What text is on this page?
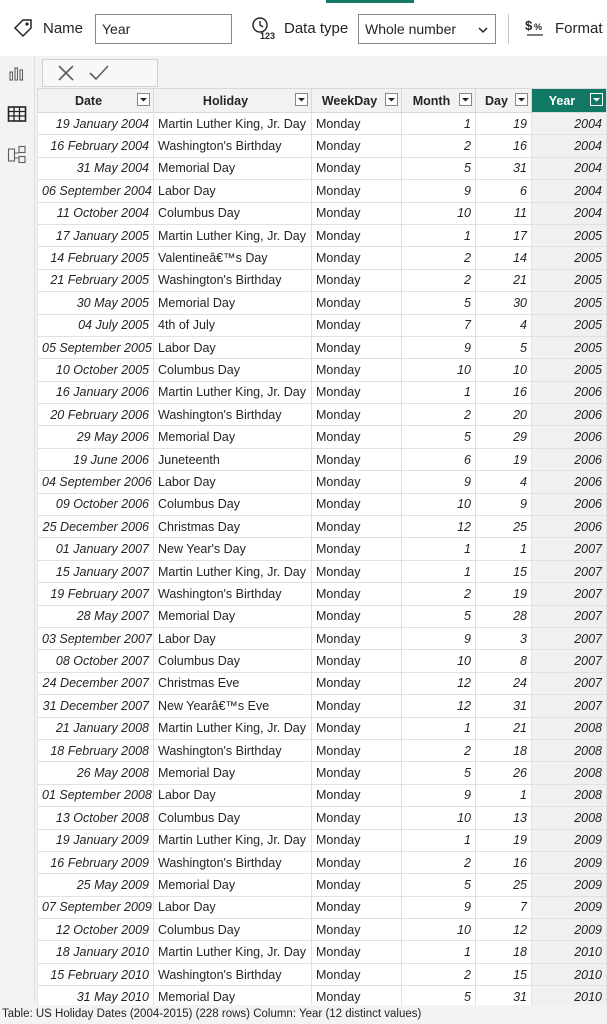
Name
Year	123 Data type Whole number	$ % Format
Date	Holiday	WeekDay	Month	Day	Year

19 January 2004	Martin Luther King, Jr. Day	Monday	1	19	2004
16 February 2004	Washington's Birthday	Monday	2	16	2004
31 May 2004	Memorial Day	Monday	5	31	2004
06 September 2004	Labor Day	Monday	9	6	2004
11 October 2004	Columbus Day	Monday	10	11	2004
17 January 2005	Martin Luther King, Jr. Day	Monday	1	17	2005
14 February 2005	Valentineâ€™s Day	Monday	2	14	2005
21 February 2005	Washington's Birthday	Monday	2	21	2005
30 May 2005	Memorial Day	Monday	5	30	2005
04 July 2005	4th of July	Monday	7	4	2005
05 September 2005	Labor Day	Monday	9	5	2005
10 October 2005	Columbus Day	Monday	10	10	2005
16 January 2006	Martin Luther King, Jr. Day	Monday	1	16	2006
20 February 2006	Washington's Birthday	Monday	2	20	2006
29 May 2006	Memorial Day	Monday	5	29	2006
19 June 2006	Juneteenth	Monday	6	19	2006
04 September 2006	Labor Day	Monday	9	4	2006
09 October 2006	Columbus Day	Monday	10	9	2006
25 December 2006	Christmas Day	Monday	12	25	2006
01 January 2007	New Year's Day	Monday	1	1	2007
15 January 2007	Martin Luther King, Jr. Day	Monday	1	15	2007
19 February 2007	Washington's Birthday	Monday	2	19	2007
28 May 2007	Memorial Day	Monday	5	28	2007
03 September 2007	Labor Day	Monday	9	3	2007
08 October 2007	Columbus Day	Monday	10	8	2007
24 December 2007	Christmas Eve	Monday	12	24	2007
31 December 2007	New Yearâ€™s Eve	Monday	12	31	2007
21 January 2008	Martin Luther King, Jr. Day	Monday	1	21	2008
18 February 2008	Washington's Birthday	Monday	2	18	2008
26 May 2008	Memorial Day	Monday	5	26	2008
01 September 2008	Labor Day	Monday	9	1	2008
13 October 2008	Columbus Day	Monday	10	13	2008
19 January 2009	Martin Luther King, Jr. Day	Monday	1	19	2009
16 February 2009	Washington's Birthday	Monday	2	16	2009
25 May 2009	Memorial Day	Monday	5	25	2009
07 September 2009	Labor Day	Monday	9	7	2009
12 October 2009	Columbus Day	Monday	10	12	2009
18 January 2010	Martin Luther King, Jr. Day	Monday	1	18	2010
15 February 2010	Washington's Birthday	Monday	2	15	2010
31 May 2010	Memorial Day	Monday	5	31	2010
Table: US Holiday Dates (2004-2015) (228 rows) Column: Year (12 distinct values)
